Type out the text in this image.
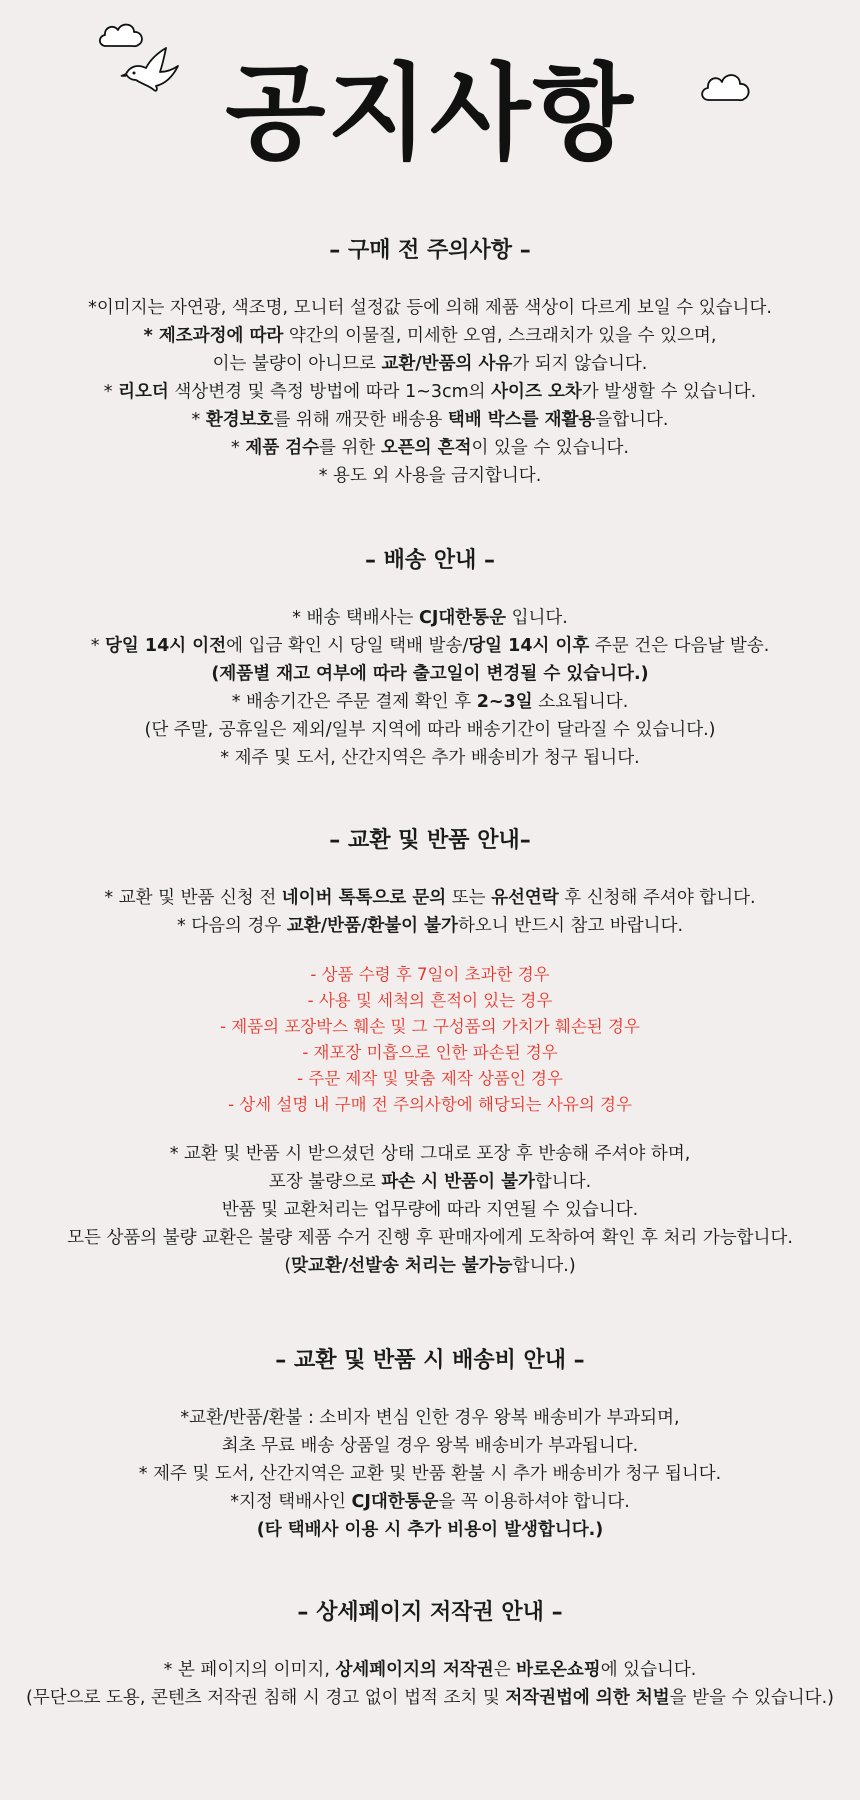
공지사항
– 구매 전 주의사항 –
*이미지는 자연광, 색조명, 모니터 설정값 등에 의해 제품 색상이 다르게 보일 수 있습니다.
* 제조과정에 따라 약간의 이물질, 미세한 오염, 스크래치가 있을 수 있으며,
이는 불량이 아니므로 교환/반품의 사유가 되지 않습니다.
* 리오더 색상변경 및 측정 방법에 따라 1~3cm의 사이즈 오차가 발생할 수 있습니다.
* 환경보호를 위해 깨끗한 배송용 택배 박스를 재활용을합니다.
* 제품 검수를 위한 오픈의 흔적이 있을 수 있습니다.
* 용도 외 사용을 금지합니다.
– 배송 안내 –
* 배송 택배사는 CJ대한통운 입니다.
* 당일 14시 이전에 입금 확인 시 당일 택배 발송/당일 14시 이후 주문 건은 다음날 발송.
(제품별 재고 여부에 따라 출고일이 변경될 수 있습니다.)
* 배송기간은 주문 결제 확인 후 2~3일 소요됩니다.
(단 주말, 공휴일은 제외/일부 지역에 따라 배송기간이 달라질 수 있습니다.)
* 제주 및 도서, 산간지역은 추가 배송비가 청구 됩니다.
– 교환 및 반품 안내–
* 교환 및 반품 신청 전 네이버 톡톡으로 문의 또는 유선연락 후 신청해 주셔야 합니다.
* 다음의 경우 교환/반품/환불이 불가하오니 반드시 참고 바랍니다.
- 상품 수령 후 7일이 초과한 경우
- 사용 및 세척의 흔적이 있는 경우
- 제품의 포장박스 훼손 및 그 구성품의 가치가 훼손된 경우
- 재포장 미흡으로 인한 파손된 경우
- 주문 제작 및 맞춤 제작 상품인 경우
- 상세 설명 내 구매 전 주의사항에 해당되는 사유의 경우
* 교환 및 반품 시 받으셨던 상태 그대로 포장 후 반송해 주셔야 하며,
포장 불량으로 파손 시 반품이 불가합니다.
반품 및 교환처리는 업무량에 따라 지연될 수 있습니다.
모든 상품의 불량 교환은 불량 제품 수거 진행 후 판매자에게 도착하여 확인 후 처리 가능합니다.
(맞교환/선발송 처리는 불가능합니다.)
– 교환 및 반품 시 배송비 안내 –
*교환/반품/환불 : 소비자 변심 인한 경우 왕복 배송비가 부과되며,
최초 무료 배송 상품일 경우 왕복 배송비가 부과됩니다.
* 제주 및 도서, 산간지역은 교환 및 반품 환불 시 추가 배송비가 청구 됩니다.
*지정 택배사인 CJ대한통운을 꼭 이용하셔야 합니다.
(타 택배사 이용 시 추가 비용이 발생합니다.)
– 상세페이지 저작권 안내 –
* 본 페이지의 이미지, 상세페이지의 저작권은 바로온쇼핑에 있습니다.
(무단으로 도용, 콘텐츠 저작권 침해 시 경고 없이 법적 조치 및 저작권법에 의한 처벌을 받을 수 있습니다.)
